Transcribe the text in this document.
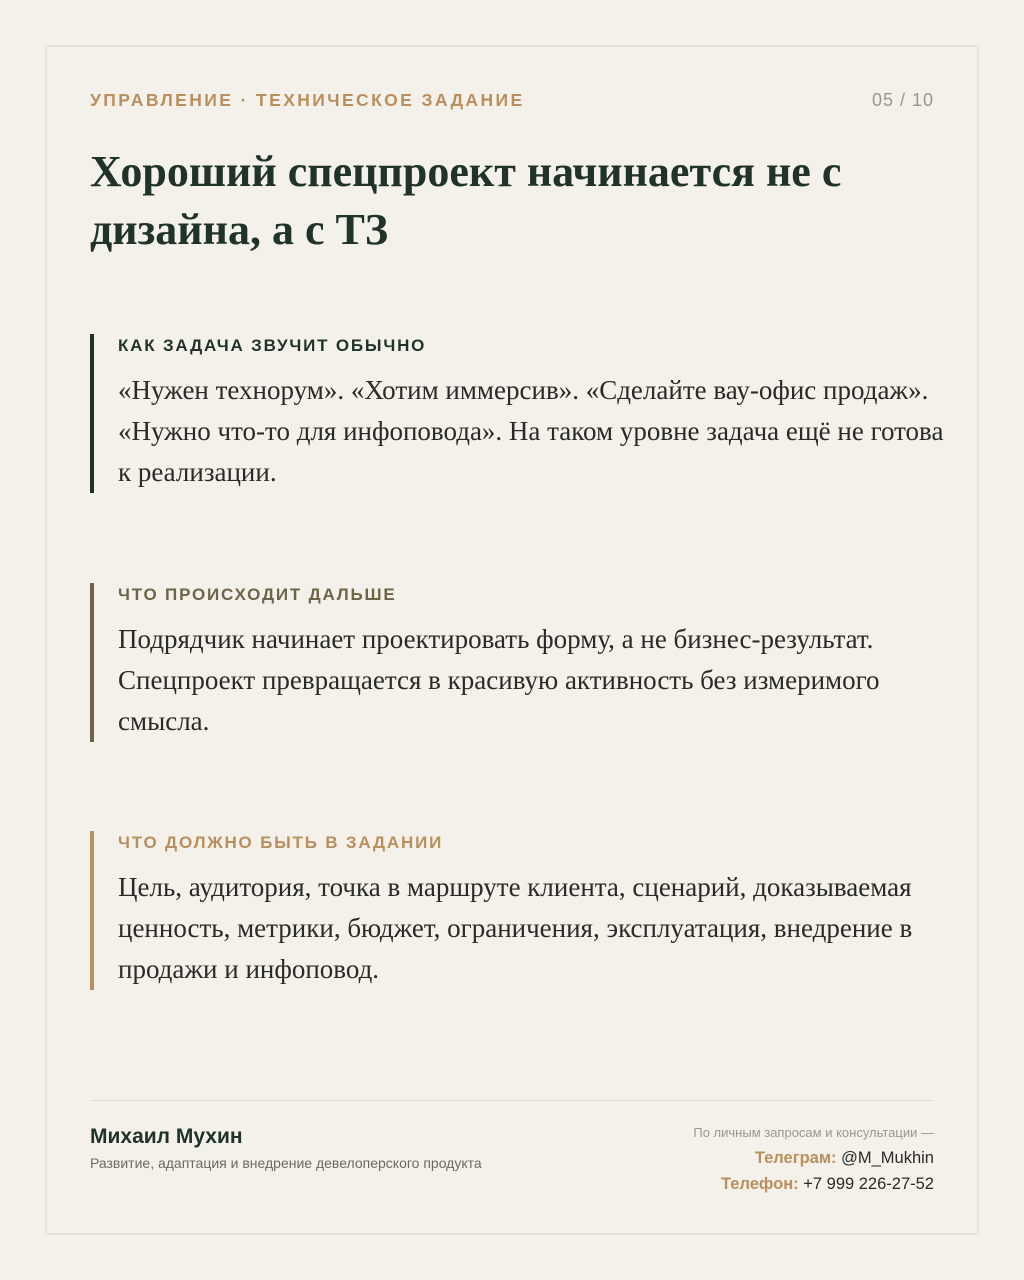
УПРАВЛЕНИЕ · ТЕХНИЧЕСКОЕ ЗАДАНИЕ	05 / 10
Хороший спецпроект начинается не с дизайна, а с ТЗ
КАК ЗАДАЧА ЗВУЧИТ ОБЫЧНО
«Нужен технорум». «Хотим иммерсив». «Сделайте вау-офис продаж». «Нужно что-то для инфоповода». На таком уровне задача ещё не готова к реализации.
ЧТО ПРОИСХОДИТ ДАЛЬШЕ
Подрядчик начинает проектировать форму, а не бизнес-результат. Спецпроект превращается в красивую активность без измеримого смысла.
ЧТО ДОЛЖНО БЫТЬ В ЗАДАНИИ
Цель, аудитория, точка в маршруте клиента, сценарий, доказываемая ценность, метрики, бюджет, ограничения, эксплуатация, внедрение в продажи и инфоповод.
Михаил Мухин
Развитие, адаптация и внедрение девелоперского продукта
По личным запросам и консультации —
Телеграм: @M_Mukhin
Телефон: +7 999 226-27-52
